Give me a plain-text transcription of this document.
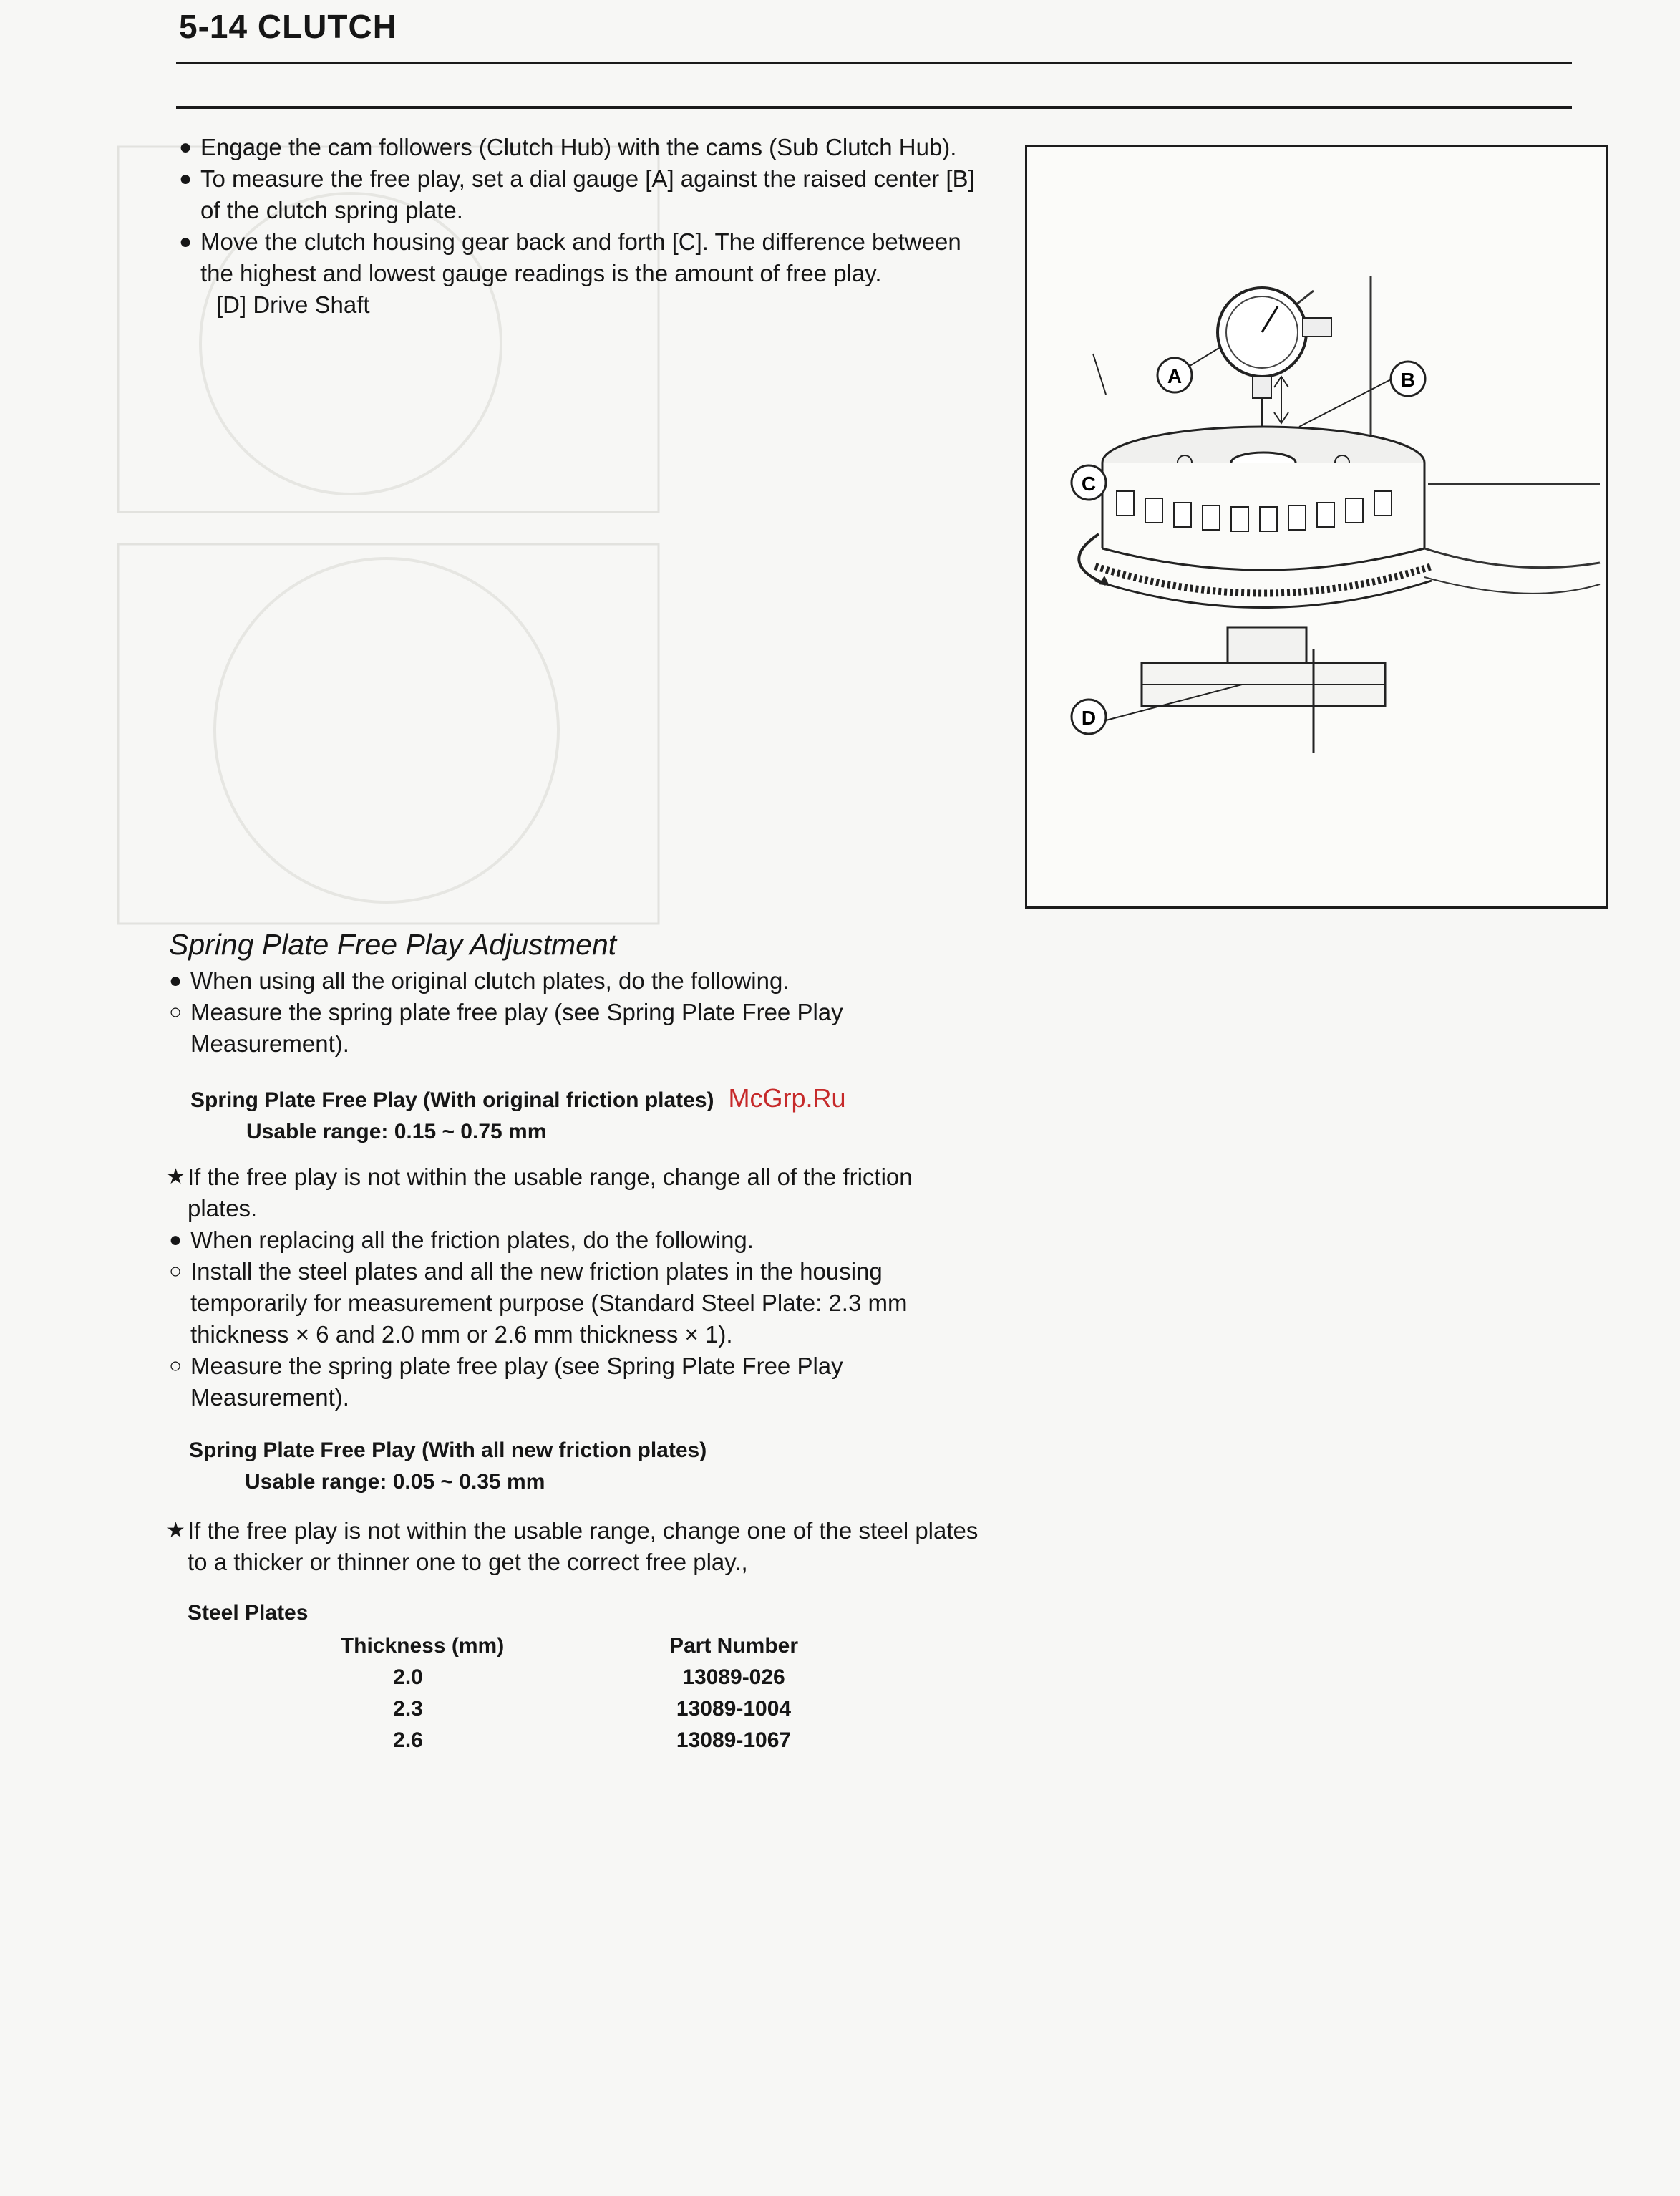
5-14 CLUTCH
● Engage the cam followers (Clutch Hub) with the cams (Sub Clutch Hub).
● To measure the free play, set a dial gauge [A] against the raised center [B] of the clutch spring plate.
● Move the clutch housing gear back and forth [C]. The difference between the highest and lowest gauge readings is the amount of free play.
[D] Drive Shaft
A	B
C
D
Spring Plate Free Play Adjustment
● When using all the original clutch plates, do the following.
○ Measure the spring plate free play (see Spring Plate Free Play Measurement).
Spring Plate Free Play (With original friction plates) McGrp.Ru
Usable range: 0.15 ~ 0.75 mm
★ If the free play is not within the usable range, change all of the friction plates.
● When replacing all the friction plates, do the following.
○ Install the steel plates and all the new friction plates in the housing temporarily for measurement purpose (Standard Steel Plate: 2.3 mm thickness × 6 and 2.0 mm or 2.6 mm thickness × 1).
○ Measure the spring plate free play (see Spring Plate Free Play Measurement).
Spring Plate Free Play (With all new friction plates)
Usable range: 0.05 ~ 0.35 mm
★ If the free play is not within the usable range, change one of the steel plates to a thicker or thinner one to get the correct free play.,
Steel Plates
Thickness (mm)	Part Number
2.0	13089-026
2.3	13089-1004
2.6	13089-1067
